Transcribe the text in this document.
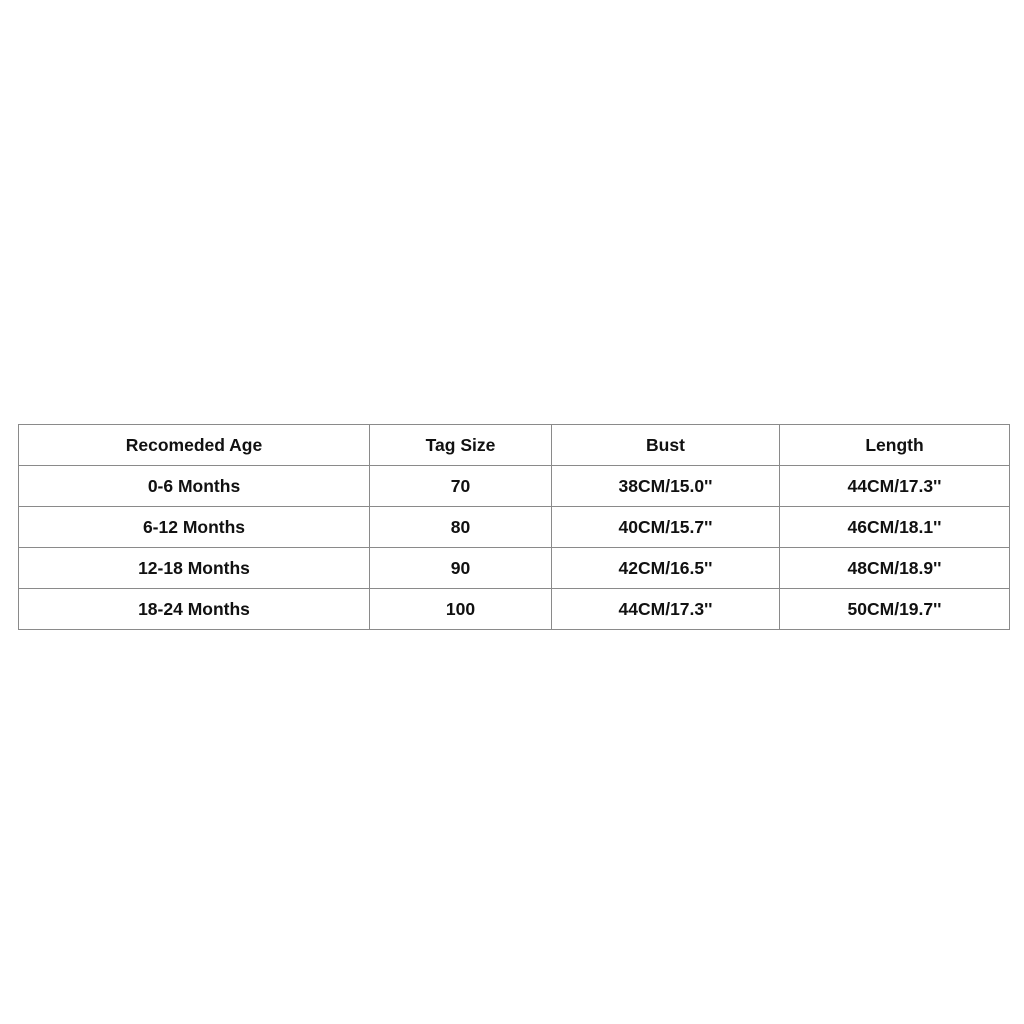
Recomeded Age	Tag Size	Bust	Length
0-6 Months	70	38CM/15.0''	44CM/17.3''
6-12 Months	80	40CM/15.7''	46CM/18.1''
12-18 Months	90	42CM/16.5''	48CM/18.9''
18-24 Months	100	44CM/17.3''	50CM/19.7''
